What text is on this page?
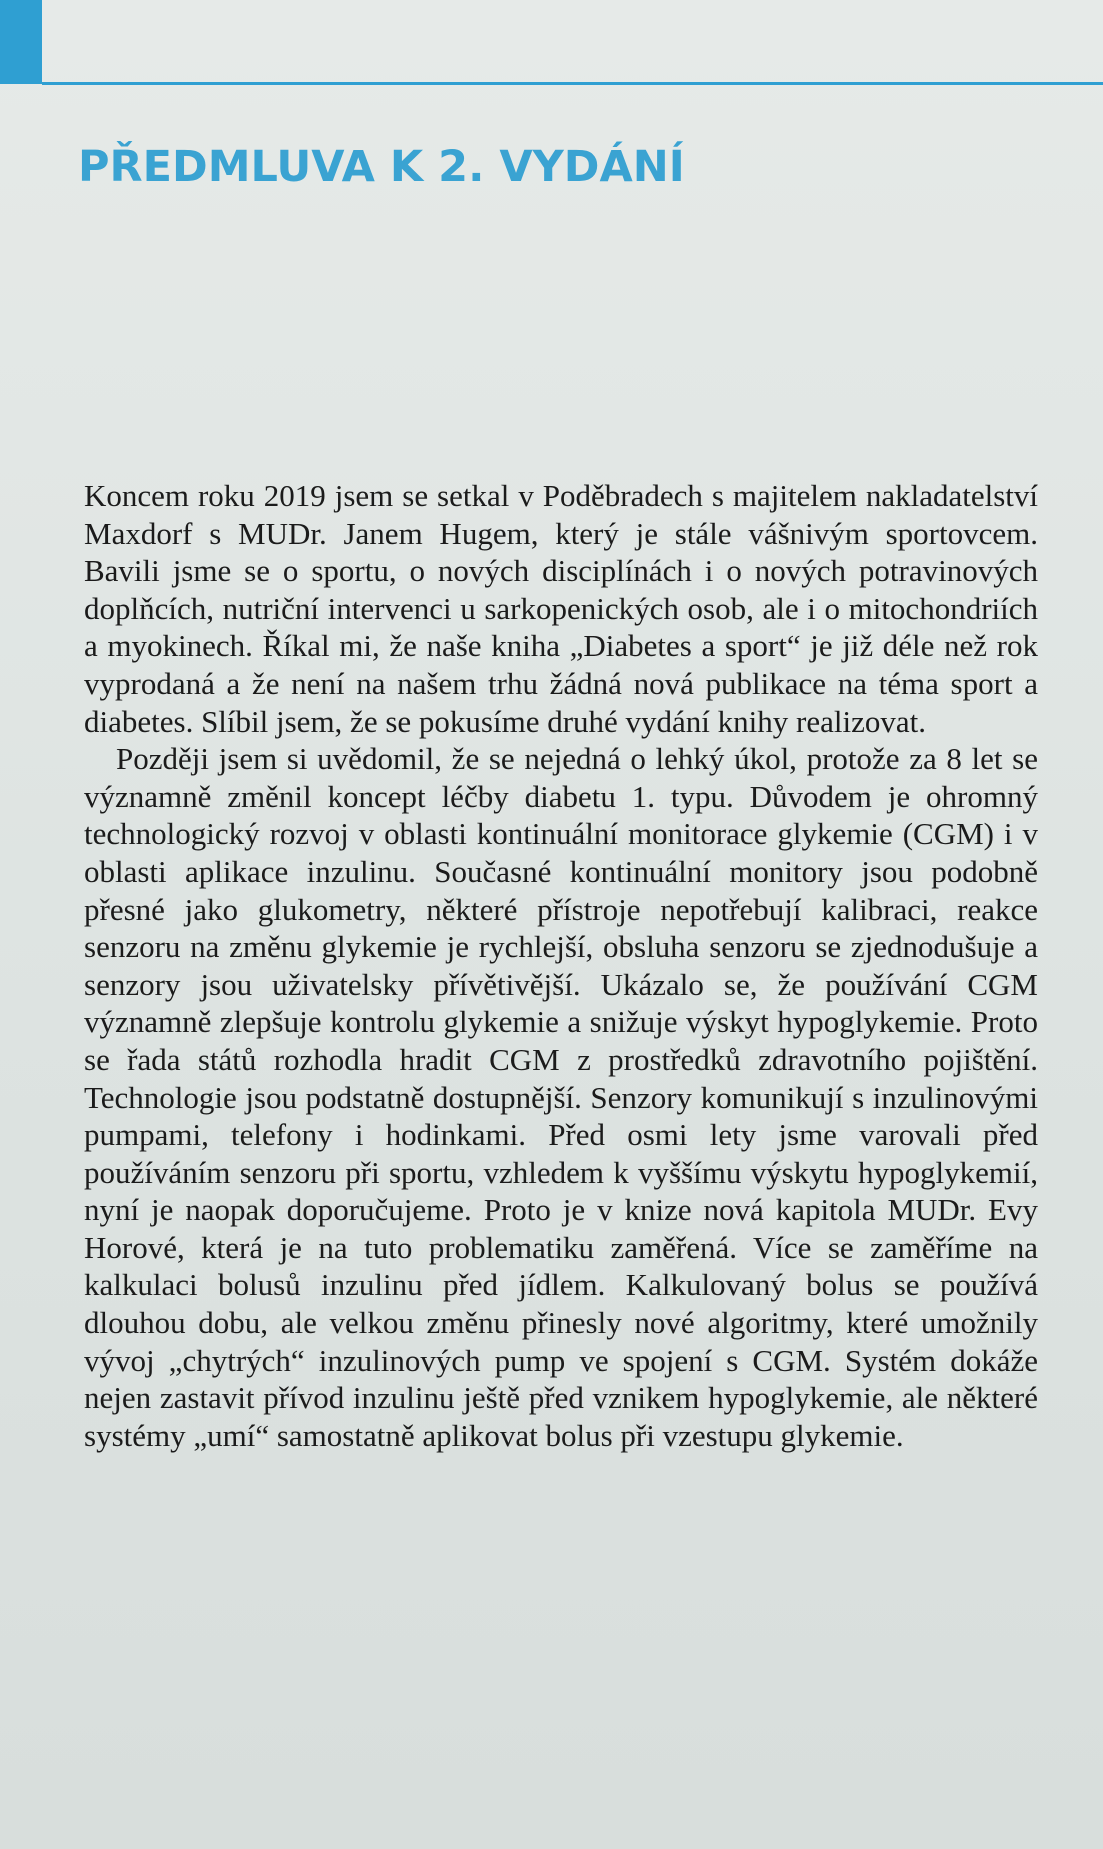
PŘEDMLUVA K 2. VYDÁNÍ

Koncem roku 2019 jsem se setkal v Poděbradech s majitelem nakladatelství Maxdorf s MUDr. Janem Hugem, který je stále vášnivým sportovcem. Bavili jsme se o sportu, o nových disciplínách i o nových potravinových doplňcích, nutriční intervenci u sarkopenických osob, ale i o mitochondriích a myokinech. Říkal mi, že naše kniha „Diabetes a sport“ je již déle než rok vyprodaná a že není na našem trhu žádná nová publikace na téma sport a diabetes. Slíbil jsem, že se pokusíme druhé vydání knihy realizovat.

Později jsem si uvědomil, že se nejedná o lehký úkol, protože za 8 let se významně změnil koncept léčby diabetu 1. typu. Důvodem je ohromný technologický rozvoj v oblasti kontinuální monitorace glykemie (CGM) i v oblasti aplikace inzulinu. Současné kontinuální monitory jsou podobně přesné jako glukometry, některé přístroje nepotřebují kalibraci, reakce senzoru na změnu glykemie je rychlejší, obsluha senzoru se zjednodušuje a senzory jsou uživatelsky přívětivější. Ukázalo se, že používání CGM významně zlepšuje kontrolu glykemie a snižuje výskyt hypoglykemie. Proto se řada států rozhodla hradit CGM z prostředků zdravotního pojištění. Technologie jsou podstatně dostupnější. Senzory komunikují s inzulinovými pumpami, telefony i hodinkami. Před osmi lety jsme varovali před používáním senzoru při sportu, vzhledem k vyššímu výskytu hypoglykemií, nyní je naopak doporučujeme. Proto je v knize nová kapitola MUDr. Evy Horové, která je na tuto problematiku zaměřená. Více se zaměříme na kalkulaci bolusů inzulinu před jídlem. Kalkulovaný bolus se používá dlouhou dobu, ale velkou změnu přinesly nové algoritmy, které umožnily vývoj „chytrých“ inzulinových pump ve spojení s CGM. Systém dokáže nejen zastavit přívod inzulinu ještě před vznikem hypoglykemie, ale některé systémy „umí“ samostatně aplikovat bolus při vzestupu glykemie.
